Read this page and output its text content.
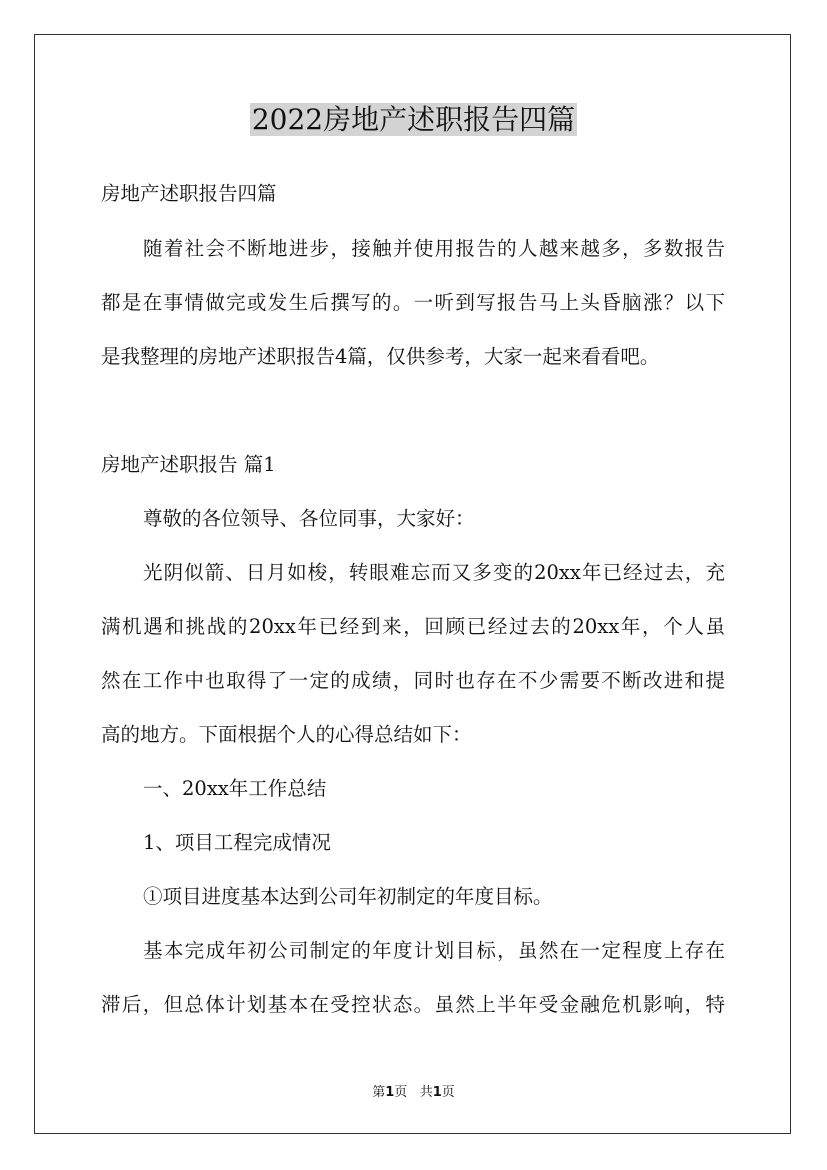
2022房地产述职报告四篇

房地产述职报告四篇

随着社会不断地进步，接触并使用报告的人越来越多，多数报告

都是在事情做完或发生后撰写的。一听到写报告马上头昏脑涨？以下

是我整理的房地产述职报告4篇，仅供参考，大家一起来看看吧。

房地产述职报告 篇1

尊敬的各位领导、各位同事，大家好：

光阴似箭、日月如梭，转眼难忘而又多变的20xx年已经过去，充

满机遇和挑战的20xx年已经到来，回顾已经过去的20xx年，个人虽

然在工作中也取得了一定的成绩，同时也存在不少需要不断改进和提

高的地方。下面根据个人的心得总结如下：

一、20xx年工作总结

1、项目工程完成情况

①项目进度基本达到公司年初制定的年度目标。

基本完成年初公司制定的年度计划目标，虽然在一定程度上存在

滞后，但总体计划基本在受控状态。虽然上半年受金融危机影响，特

第1页   共1页
